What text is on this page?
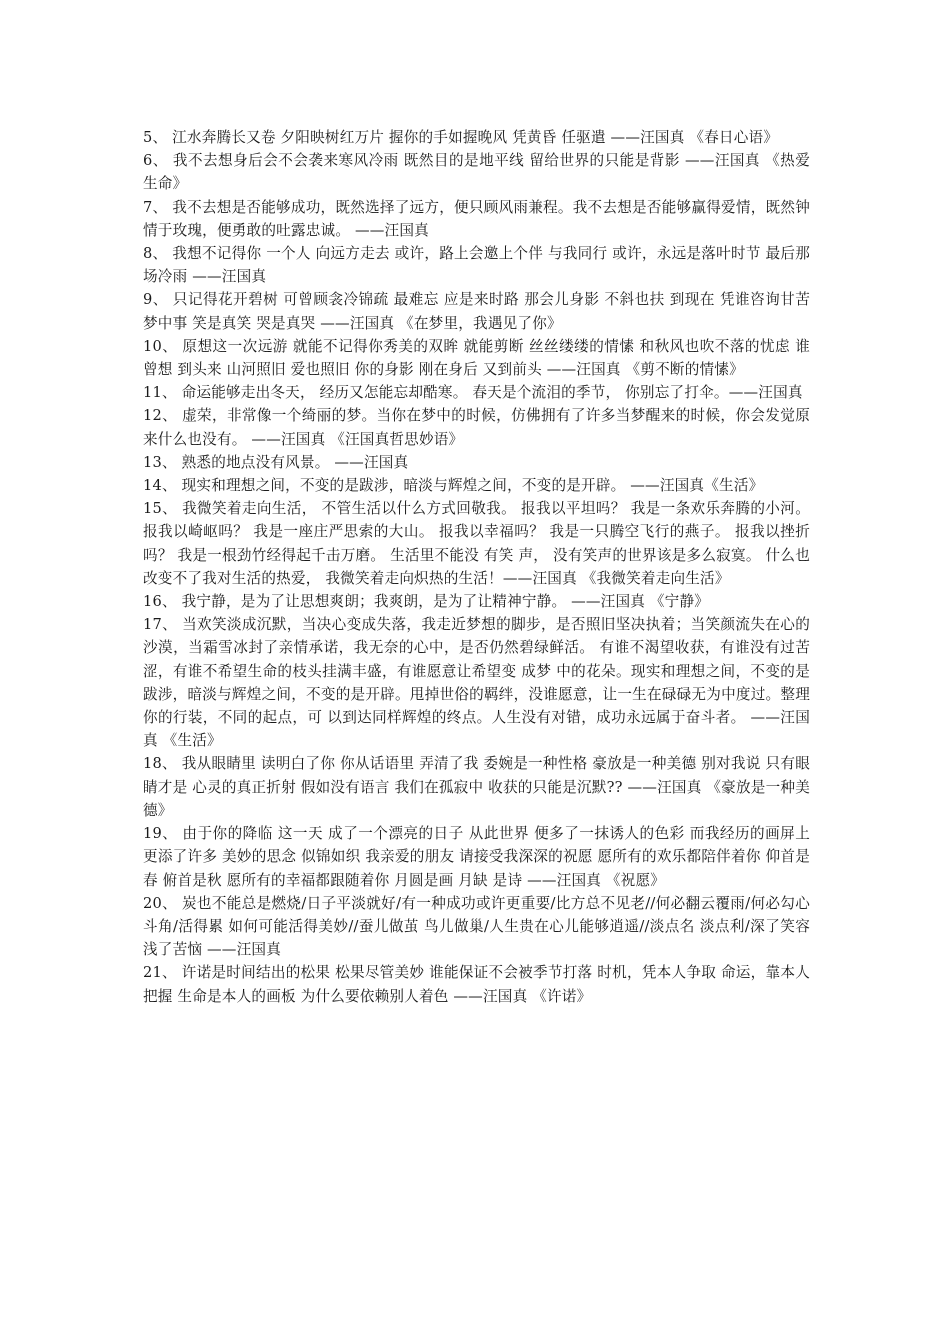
5、 江水奔腾长又卷 夕阳映树红万片 握你的手如握晚风 凭黄昏 任驱遣 ——汪国真 《春日心语》

6、 我不去想身后会不会袭来寒风冷雨 既然目的是地平线 留给世界的只能是背影 ——汪国真 《热爱生命》

7、 我不去想是否能够成功，既然选择了远方，便只顾风雨兼程。我不去想是否能够赢得爱情，既然钟情于玫瑰，便勇敢的吐露忠诚。 ——汪国真

8、 我想不记得你 一个人 向远方走去 或许，路上会邀上个伴 与我同行 或许，永远是落叶时节 最后那场冷雨 ——汪国真

9、 只记得花开碧树 可曾顾衾冷锦疏 最难忘 应是来时路 那会儿身影 不斜也扶 到现在 凭谁咨询甘苦 梦中事 笑是真笑 哭是真哭 ——汪国真 《在梦里，我遇见了你》

10、 原想这一次远游 就能不记得你秀美的双眸 就能剪断 丝丝缕缕的情愫 和秋风也吹不落的忧虑 谁曾想 到头来 山河照旧 爱也照旧 你的身影 刚在身后 又到前头 ——汪国真 《剪不断的情愫》

11、 命运能够走出冬天， 经历又怎能忘却酷寒。 春天是个流泪的季节， 你别忘了打伞。——汪国真

12、 虚荣，非常像一个绮丽的梦。当你在梦中的时候，仿佛拥有了许多当梦醒来的时候，你会发觉原来什么也没有。 ——汪国真 《汪国真哲思妙语》

13、 熟悉的地点没有风景。 ——汪国真

14、 现实和理想之间，不变的是跋涉，暗淡与辉煌之间，不变的是开辟。 ——汪国真《生活》

15、 我微笑着走向生活， 不管生活以什么方式回敬我。 报我以平坦吗？ 我是一条欢乐奔腾的小河。 报我以崎岖吗？ 我是一座庄严思索的大山。 报我以幸福吗？ 我是一只腾空飞行的燕子。 报我以挫折吗？ 我是一根劲竹经得起千击万磨。 生活里不能没 有笑 声， 没有笑声的世界该是多么寂寞。 什么也改变不了我对生活的热爱， 我微笑着走向炽热的生活！——汪国真 《我微笑着走向生活》

16、 我宁静，是为了让思想爽朗；我爽朗，是为了让精神宁静。 ——汪国真 《宁静》

17、 当欢笑淡成沉默，当决心变成失落，我走近梦想的脚步，是否照旧坚决执着；当笑颜流失在心的沙漠，当霜雪冰封了亲情承诺，我无奈的心中，是否仍然碧绿鲜活。 有谁不渴望收获，有谁没有过苦涩，有谁不希望生命的枝头挂满丰盛，有谁愿意让希望变 成梦 中的花朵。现实和理想之间，不变的是跋涉，暗淡与辉煌之间，不变的是开辟。甩掉世俗的羁绊，没谁愿意，让一生在碌碌无为中度过。整理你的行装，不同的起点，可 以到达同样辉煌的终点。人生没有对错，成功永远属于奋斗者。 ——汪国真 《生活》

18、 我从眼睛里 读明白了你 你从话语里 弄清了我 委婉是一种性格 豪放是一种美德 别对我说 只有眼睛才是 心灵的真正折射 假如没有语言 我们在孤寂中 收获的只能是沉默?? ——汪国真 《豪放是一种美德》

19、 由于你的降临 这一天 成了一个漂亮的日子 从此世界 便多了一抹诱人的色彩 而我经历的画屏上 更添了许多 美妙的思念 似锦如织 我亲爱的朋友 请接受我深深的祝愿 愿所有的欢乐都陪伴着你 仰首是春 俯首是秋 愿所有的幸福都跟随着你 月圆是画 月缺 是诗 ——汪国真 《祝愿》

20、 炭也不能总是燃烧/日子平淡就好/有一种成功或许更重要/比方总不见老//何必翻云覆雨/何必勾心斗角/活得累 如何可能活得美妙//蚕儿做茧 鸟儿做巢/人生贵在心儿能够逍遥//淡点名 淡点利/深了笑容 浅了苦恼 ——汪国真

21、 许诺是时间结出的松果 松果尽管美妙 谁能保证不会被季节打落 时机，凭本人争取 命运，靠本人把握 生命是本人的画板 为什么要依赖别人着色 ——汪国真 《许诺》
